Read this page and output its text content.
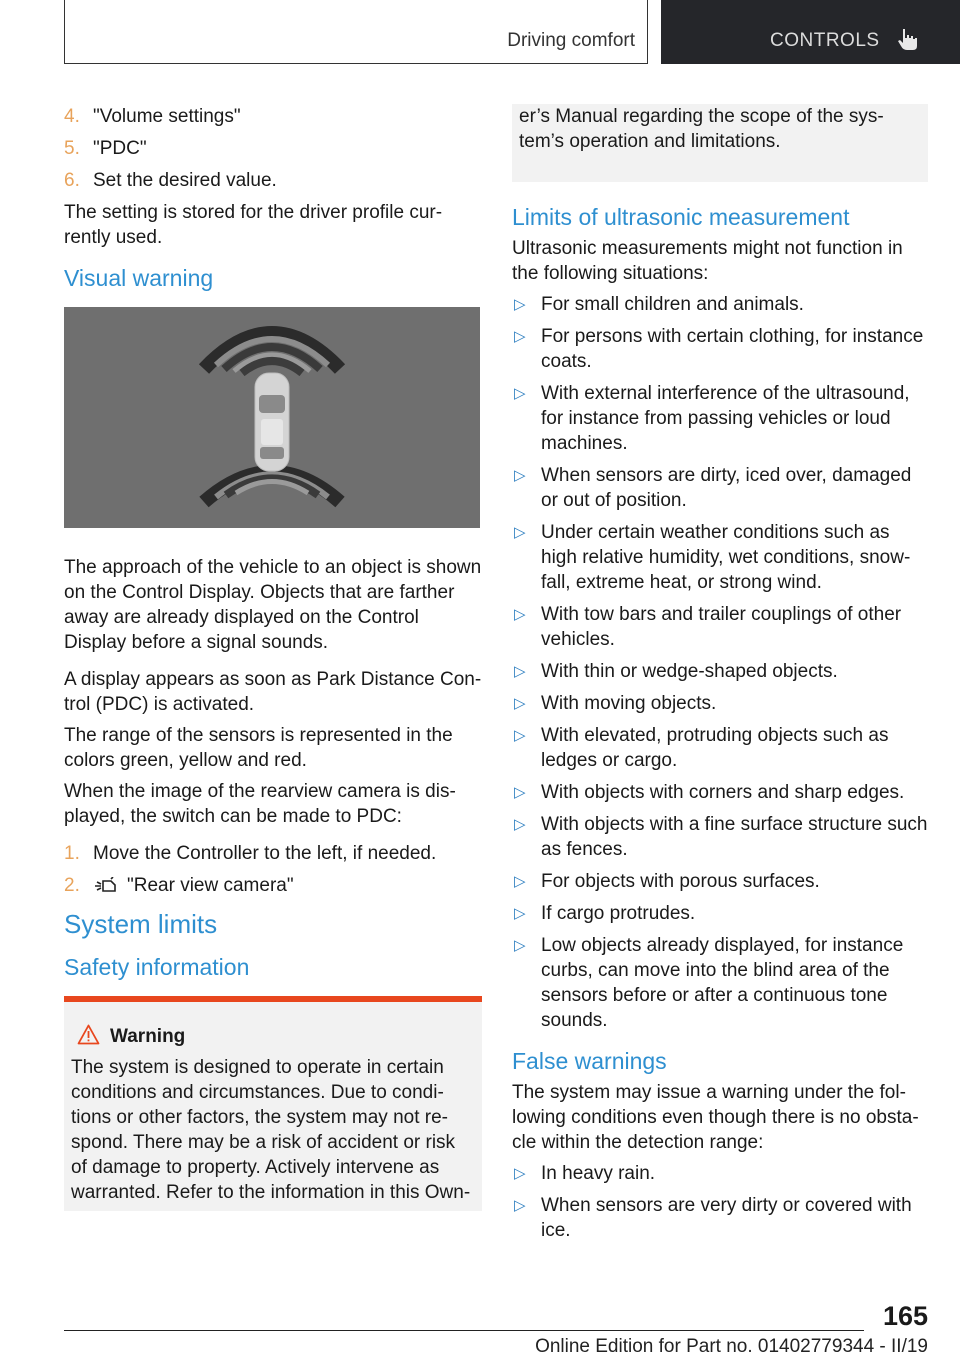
Driving comfort	CONTROLS
4. "Volume settings"
5. "PDC"
6. Set the desired value.

The setting is stored for the driver profile cur‐rently used.

Visual warning

The approach of the vehicle to an object is shown on the Control Display. Objects that are farther away are already displayed on the Control Display before a signal sounds.

A display appears as soon as Park Distance Con‐trol (PDC) is activated.

The range of the sensors is represented in the colors green, yellow and red.

When the image of the rearview camera is dis‐played, the switch can be made to PDC:

1. Move the Controller to the left, if needed.
2. "Rear view camera"
System limits
Safety information
Warning

The system is designed to operate in certain conditions and circumstances. Due to condi‐tions or other factors, the system may not re‐spond. There may be a risk of accident or risk of damage to property. Actively intervene as warranted. Refer to the information in this Own‐

er’s Manual regarding the scope of the sys‐tem’s operation and limitations.

Limits of ultrasonic measurement

Ultrasonic measurements might not function in the following situations:

▷ For small children and animals.
▷ For persons with certain clothing, for instance coats.
▷ With external interference of the ultrasound, for instance from passing vehicles or loud machines.
▷ When sensors are dirty, iced over, damaged or out of position.
▷ Under certain weather conditions such as high relative humidity, wet conditions, snow‐fall, extreme heat, or strong wind.
▷ With tow bars and trailer couplings of other vehicles.
▷ With thin or wedge-shaped objects.
▷ With moving objects.
▷ With elevated, protruding objects such as ledges or cargo.
▷ With objects with corners and sharp edges.
▷ With objects with a fine surface structure such as fences.
▷ For objects with porous surfaces.
▷ If cargo protrudes.
▷ Low objects already displayed, for instance curbs, can move into the blind area of the sensors before or after a continuous tone sounds.
False warnings

The system may issue a warning under the fol‐lowing conditions even though there is no obsta‐cle within the detection range:

▷ In heavy rain.
▷ When sensors are very dirty or covered with ice.
165
Online Edition for Part no. 01402779344 - II/19
